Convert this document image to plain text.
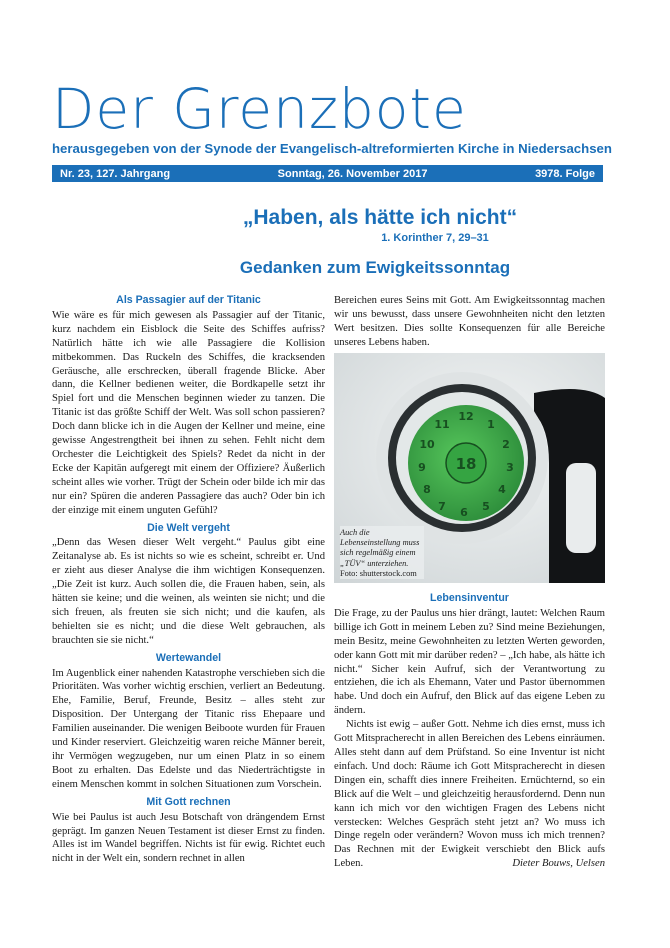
Der Grenzbote
herausgegeben von der Synode der Evangelisch-altreformierten Kirche in Niedersachsen
Nr. 23, 127. Jahrgang	Sonntag, 26. November 2017	3978. Folge
„Haben, als hätte ich nicht“
1. Korinther 7, 29–31
Gedanken zum Ewigkeitssonntag
Als Passagier auf der Titanic

Wie wäre es für mich gewesen als Passagier auf der Titanic, kurz nachdem ein Eisblock die Seite des Schiffes aufriss? Natürlich hätte ich wie alle Passagiere die Kollision mitbekommen. Das Ruckeln des Schiffes, die kracksenden Geräusche, alle erschrecken, überall fragende Blicke. Aber dann, die Kellner bedienen weiter, die Bordkapelle setzt ihr Spiel fort und die Menschen beginnen wieder zu tanzen. Die Titanic ist das größte Schiff der Welt. Was soll schon passieren? Doch dann blicke ich in die Augen der Kellner und meine, eine gewisse Angestrengtheit bei ihnen zu sehen. Fehlt nicht dem Orchester die Leichtigkeit des Spiels? Redet da nicht in der Ecke der Kapitän aufgeregt mit einem der Offiziere? Äußerlich scheint alles wie vorher. Trügt der Schein oder bilde ich mir das nur ein? Spüren die anderen Passagiere das auch? Oder bin ich der einzige mit einem unguten Gefühl?

Die Welt vergeht

„Denn das Wesen dieser Welt vergeht.“ Paulus gibt eine Zeitanalyse ab. Es ist nichts so wie es scheint, schreibt er. Und er zieht aus dieser Analyse die ihm wichtigen Konsequenzen. „Die Zeit ist kurz. Auch sollen die, die Frauen haben, sein, als hätten sie keine; und die weinen, als weinten sie nicht; und die sich freuen, als freuten sie sich nicht; und die kaufen, als behielten sie es nicht; und die diese Welt gebrauchen, als brauchten sie sie nicht.“

Wertewandel

Im Augenblick einer nahenden Katastrophe verschieben sich die Prioritäten. Was vorher wichtig erschien, verliert an Bedeutung. Ehe, Familie, Beruf, Freunde, Besitz – alles steht zur Disposition. Der Untergang der Titanic riss Ehepaare und Familien auseinander. Die wenigen Beiboote wurden für Frauen und Kinder reserviert. Gleichzeitig waren reiche Männer bereit, ihr Vermögen wegzugeben, nur um einen Platz in so einem Boot zu erhalten. Das Edelste und das Niederträchtigste in einem Menschen kommt in solchen Situationen zum Vorschein.

Mit Gott rechnen

Wie bei Paulus ist auch Jesu Botschaft von drängendem Ernst geprägt. Im ganzen Neuen Testament ist dieser Ernst zu finden. Alles ist im Wandel begriffen. Nichts ist für ewig. Richtet euch nicht in der Welt ein, sondern rechnet in allen

Bereichen eures Seins mit Gott. Am Ewigkeitssonntag machen wir uns bewusst, dass unsere Gewohnheiten nicht den letzten Wert besitzen. Dies sollte Konsequenzen für alle Bereiche unseres Lebens haben.

12
1
2
3
4
5
6
7
8
9
10
11
18
Auch die Lebenseinstellung muss sich regelmäßig einem „TÜV“ unterziehen.
Foto: shutterstock.com
Lebensinventur

Die Frage, zu der Paulus uns hier drängt, lautet: Welchen Raum billige ich Gott in meinem Leben zu? Sind meine Beziehungen, mein Besitz, meine Gewohnheiten zu letzten Werten geworden, oder kann Gott mit mir darüber reden? – „Ich habe, als hätte ich nicht.“ Sicher kein Aufruf, sich der Verantwortung zu entziehen, die ich als Ehemann, Vater und Pastor übernommen habe. Und doch ein Aufruf, den Blick auf das eigene Leben zu ändern.

Nichts ist ewig – außer Gott. Nehme ich dies ernst, muss ich Gott Mitspracherecht in allen Bereichen des Lebens einräumen. Alles steht dann auf dem Prüfstand. So eine Inventur ist nicht einfach. Und doch: Räume ich Gott Mitspracherecht in diesen Dingen ein, schafft dies innere Freiheiten. Ernüchternd, so ein Blick auf die Welt – und gleichzeitig herausfordernd. Denn nun kann ich mich vor den wichtigen Fragen des Lebens nicht verstecken: Welches Gespräch steht jetzt an? Wo muss ich Dinge regeln oder verändern? Wovon muss ich mich trennen? Das Rechnen mit der Ewigkeit verschiebt den Blick aufs Leben.	Dieter Bouws, Uelsen
